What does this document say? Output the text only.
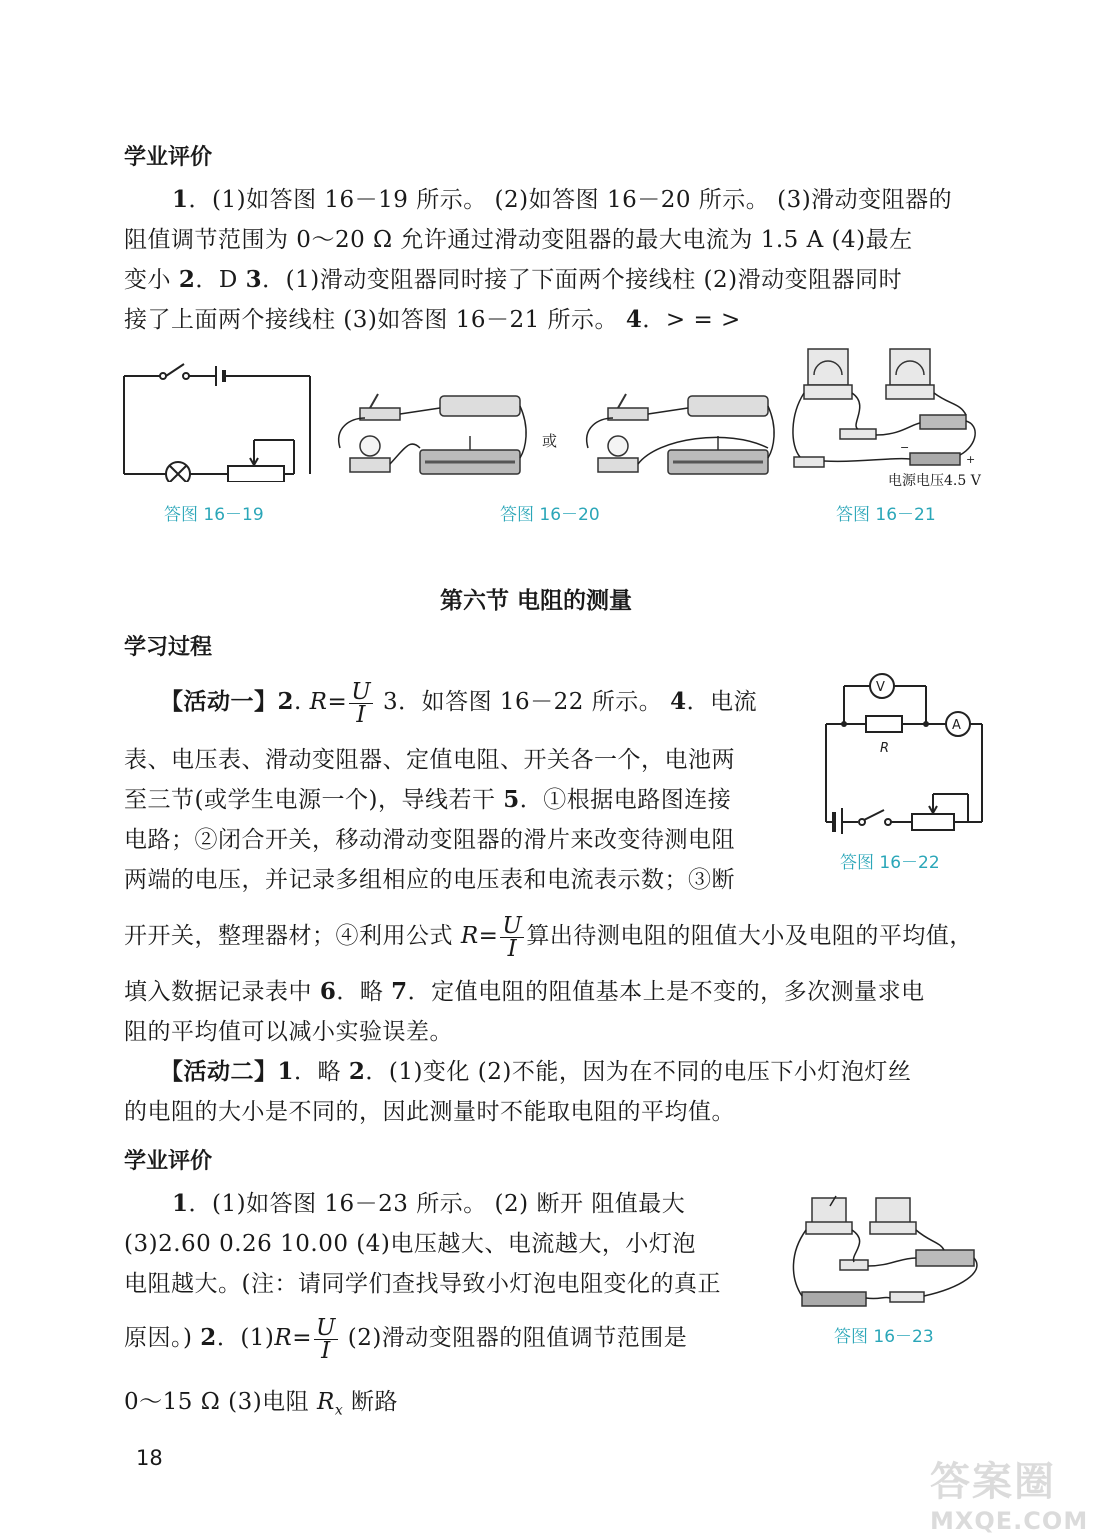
学业评价
1．(1)如答图 16－19 所示。 (2)如答图 16－20 所示。 (3)滑动变阻器的
阻值调节范围为 0～20 Ω 允许通过滑动变阻器的最大电流为 1.5 A (4)最左
变小 2．D 3．(1)滑动变阻器同时接了下面两个接线柱 (2)滑动变阻器同时
接了上面两个接线柱 (3)如答图 16－21 所示。 4．> = >
答图 16－19
或
答图 16－20
−
+
电源电压4.5 V
答图 16－21
第六节 电阻的测量
学习过程
【活动一】2. $R= \frac{U}{I} 3$．如答图 16－22 所示。 4．电流
表、电压表、滑动变阻器、定值电阻、开关各一个，电池两
至三节(或学生电源一个)，导线若干 5．①根据电路图连接
电路；②闭合开关，移动滑动变阻器的滑片来改变待测电阻
两端的电压，并记录多组相应的电压表和电流表示数；③断
开开关，整理器材；④利用公式 $R= \frac{U}{I}$ 算出待测电阻的阻值大小及电阻的平均值，
填入数据记录表中 6．略 7．定值电阻的阻值基本上是不变的，多次测量求电
阻的平均值可以减小实验误差。
【活动二】1．略 2．(1)变化 (2)不能，因为在不同的电压下小灯泡灯丝
的电阻的大小是不同的，因此测量时不能取电阻的平均值。
V
A
R
答图 16－22
学业评价
1．(1)如答图 16－23 所示。 (2) 断开 阻值最大
(3)2.60 0.26 10.00 (4)电压越大、电流越大，小灯泡
电阻越大。(注：请同学们查找导致小灯泡电阻变化的真正
原因。) 2．$(1)R= \frac{U}{I} (2)$滑动变阻器的阻值调节范围是
0～15 Ω (3)电阻 $R_x$ 断路
答图 16－23
18
答案圈
MXQE.COM
